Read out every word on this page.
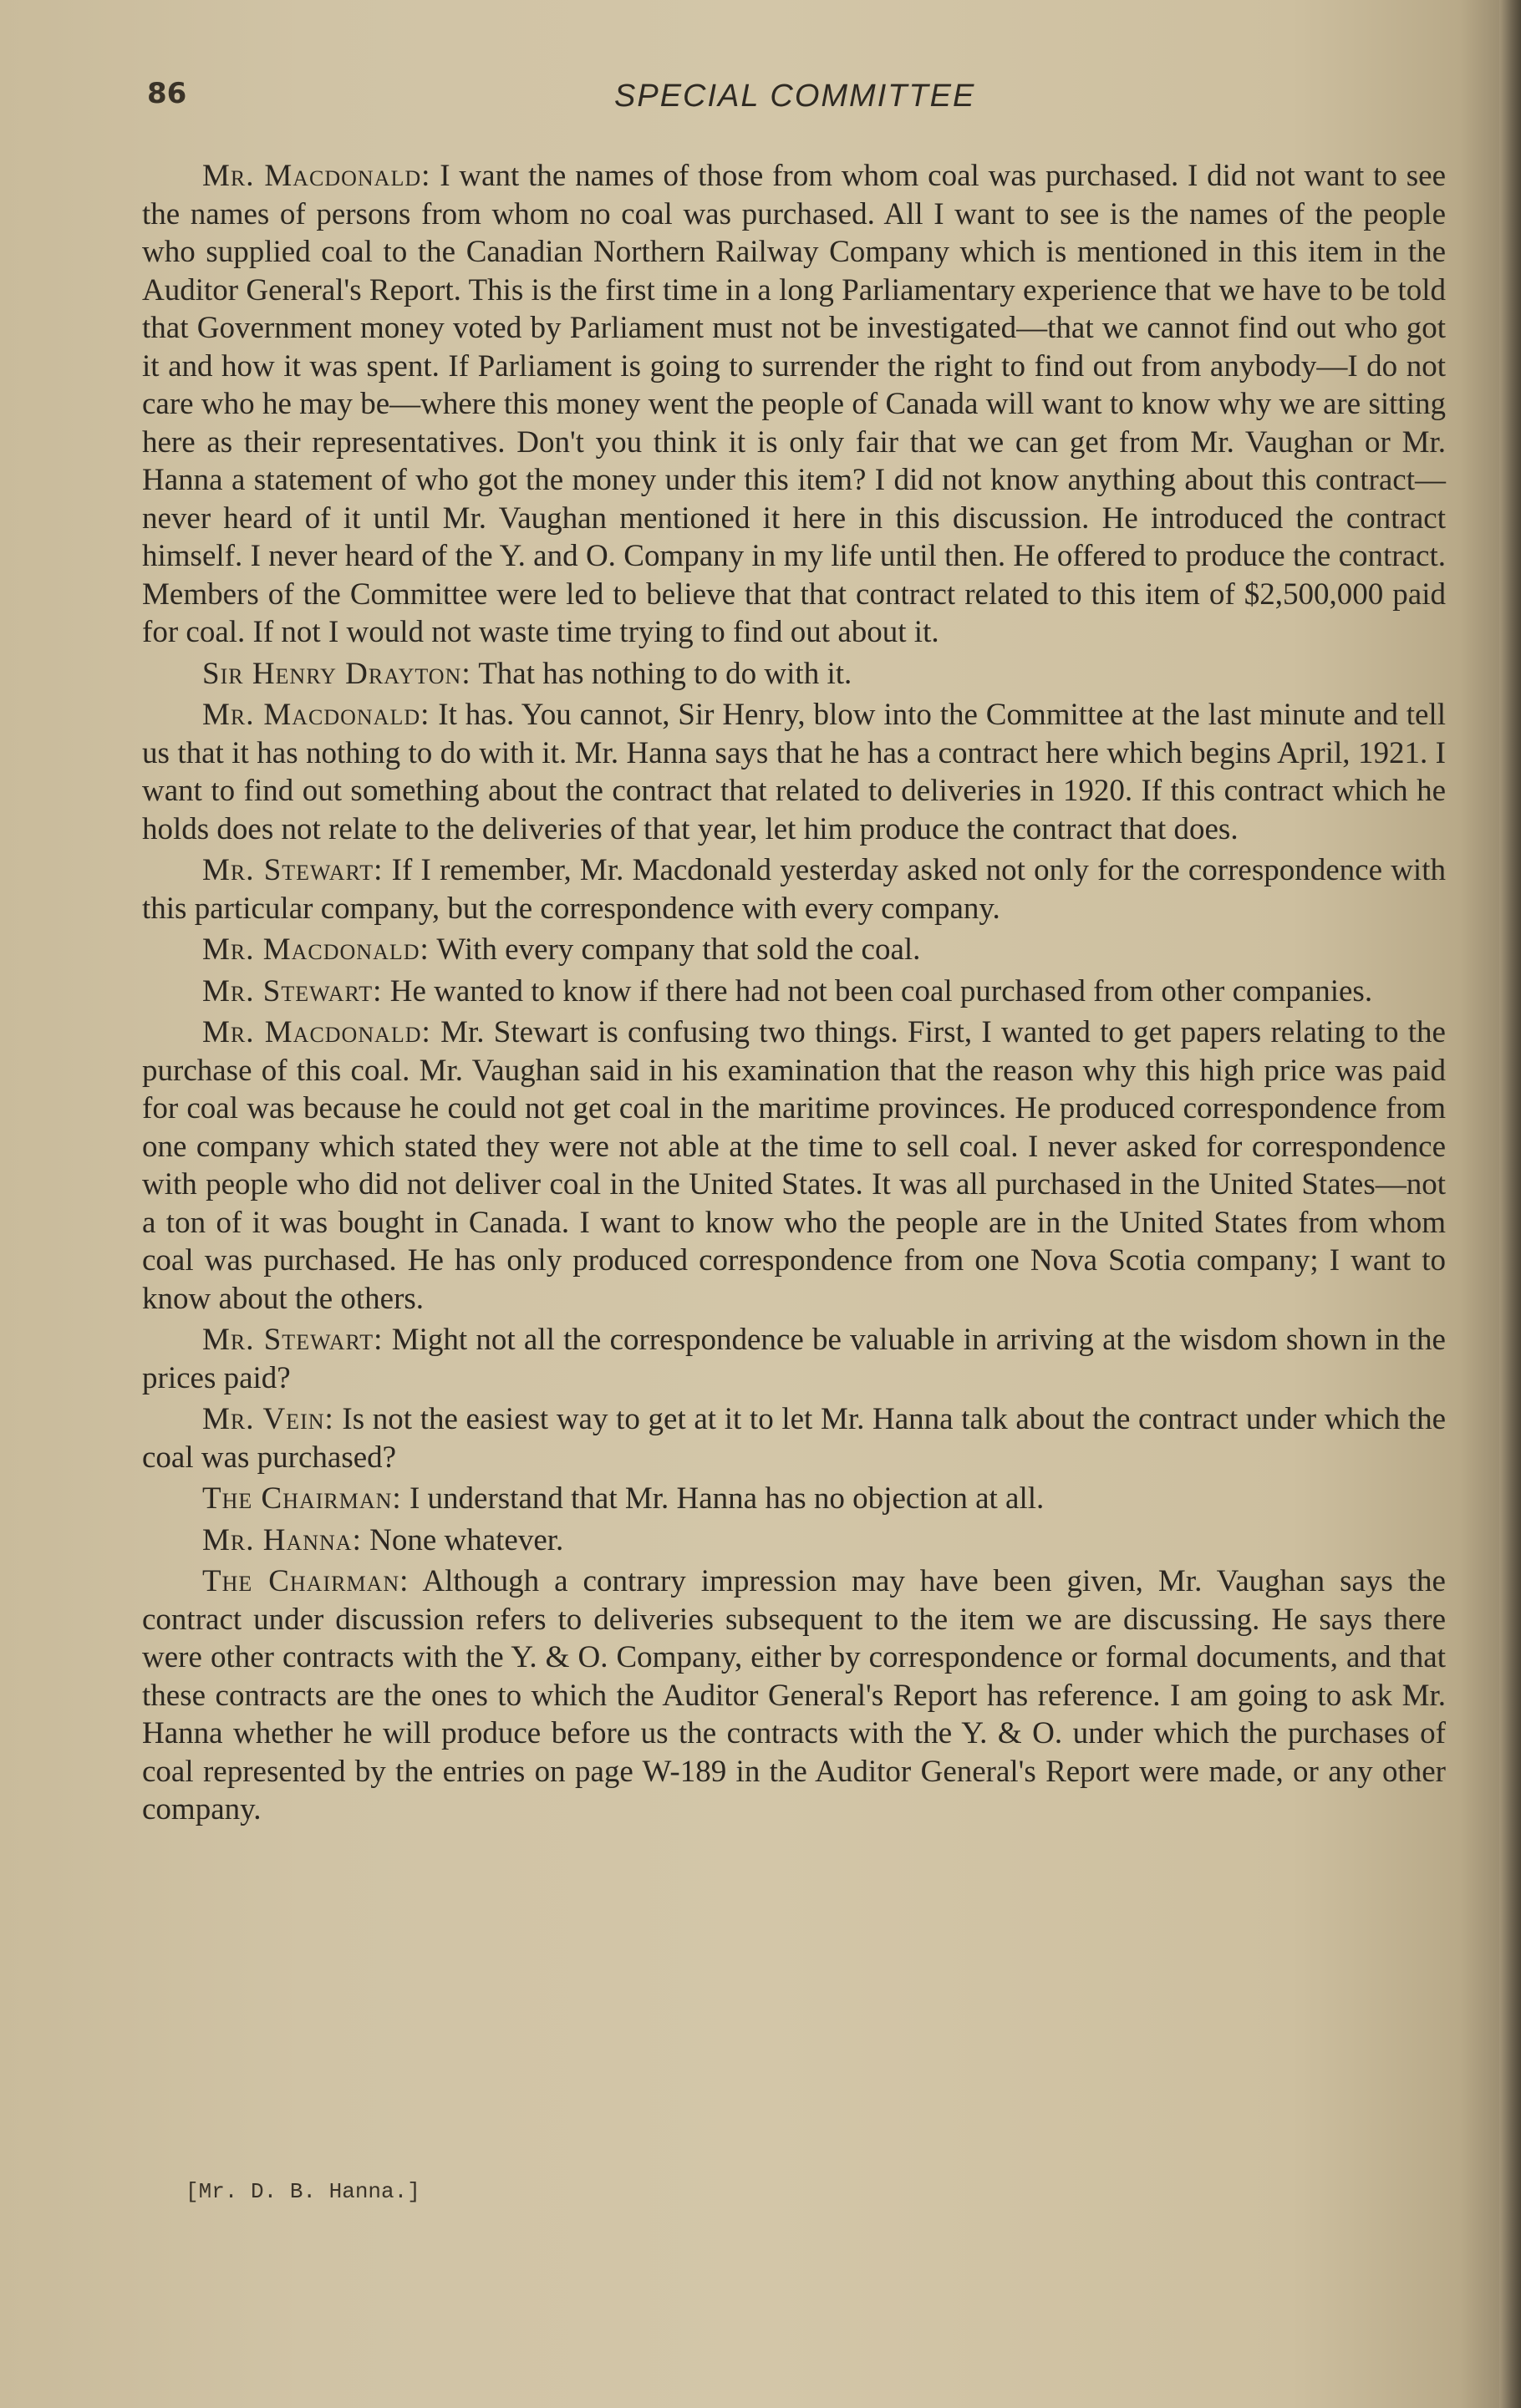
86	SPECIAL COMMITTEE

Mr. Macdonald: I want the names of those from whom coal was purchased. I did not want to see the names of persons from whom no coal was purchased. All I want to see is the names of the people who supplied coal to the Canadian Northern Railway Company which is mentioned in this item in the Auditor General's Report. This is the first time in a long Parliamentary experience that we have to be told that Government money voted by Parliament must not be investigated—that we cannot find out who got it and how it was spent. If Parliament is going to surrender the right to find out from anybody—I do not care who he may be—where this money went the people of Canada will want to know why we are sitting here as their representatives. Don't you think it is only fair that we can get from Mr. Vaughan or Mr. Hanna a statement of who got the money under this item? I did not know anything about this contract—never heard of it until Mr. Vaughan mentioned it here in this discussion. He introduced the contract himself. I never heard of the Y. and O. Company in my life until then. He offered to produce the contract. Members of the Committee were led to believe that that contract related to this item of $2,500,000 paid for coal. If not I would not waste time trying to find out about it.

Sir Henry Drayton: That has nothing to do with it.

Mr. Macdonald: It has. You cannot, Sir Henry, blow into the Committee at the last minute and tell us that it has nothing to do with it. Mr. Hanna says that he has a contract here which begins April, 1921. I want to find out something about the contract that related to deliveries in 1920. If this contract which he holds does not relate to the deliveries of that year, let him produce the contract that does.

Mr. Stewart: If I remember, Mr. Macdonald yesterday asked not only for the correspondence with this particular company, but the correspondence with every company.

Mr. Macdonald: With every company that sold the coal.

Mr. Stewart: He wanted to know if there had not been coal purchased from other companies.

Mr. Macdonald: Mr. Stewart is confusing two things. First, I wanted to get papers relating to the purchase of this coal. Mr. Vaughan said in his examination that the reason why this high price was paid for coal was because he could not get coal in the maritime provinces. He produced correspondence from one company which stated they were not able at the time to sell coal. I never asked for correspondence with people who did not deliver coal in the United States. It was all purchased in the United States—not a ton of it was bought in Canada. I want to know who the people are in the United States from whom coal was purchased. He has only produced correspondence from one Nova Scotia company; I want to know about the others.

Mr. Stewart: Might not all the correspondence be valuable in arriving at the wisdom shown in the prices paid?

Mr. Vein: Is not the easiest way to get at it to let Mr. Hanna talk about the contract under which the coal was purchased?

The Chairman: I understand that Mr. Hanna has no objection at all.

Mr. Hanna: None whatever.

The Chairman: Although a contrary impression may have been given, Mr. Vaughan says the contract under discussion refers to deliveries subsequent to the item we are discussing. He says there were other contracts with the Y. & O. Company, either by correspondence or formal documents, and that these contracts are the ones to which the Auditor General's Report has reference. I am going to ask Mr. Hanna whether he will produce before us the contracts with the Y. & O. under which the purchases of coal represented by the entries on page W-189 in the Auditor General's Report were made, or any other company.

[Mr. D. B. Hanna.]
